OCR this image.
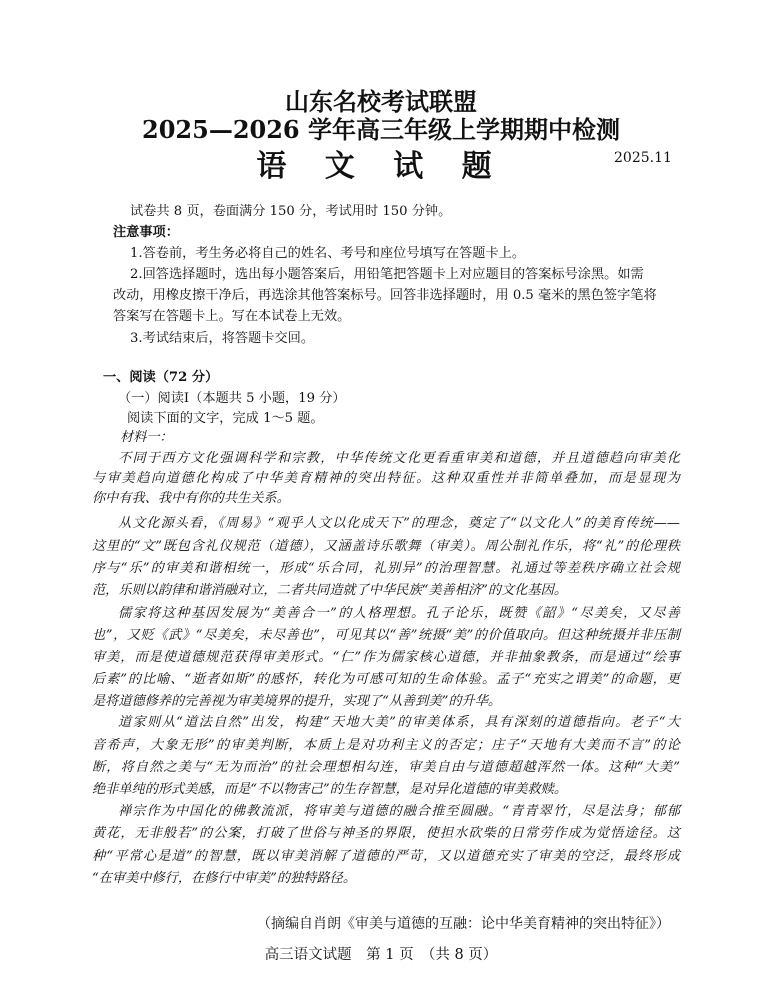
山东名校考试联盟
2025—2026 学年高三年级上学期期中检测
语 文 试 题	2025.11
试卷共 8 页，卷面满分 150 分，考试用时 150 分钟。
注意事项：
1.答卷前，考生务必将自己的姓名、考号和座位号填写在答题卡上。
2.回答选择题时，选出每小题答案后，用铅笔把答题卡上对应题目的答案标号涂黑。如需
改动，用橡皮擦干净后，再选涂其他答案标号。回答非选择题时，用 0.5 毫米的黑色签字笔将
答案写在答题卡上。写在本试卷上无效。
3.考试结束后，将答题卡交回。
一、阅读（72 分）
（一）阅读Ⅰ（本题共 5 小题，19 分）
阅读下面的文字，完成 1～5 题。
材料一：
不同于西方文化强调科学和宗教，中华传统文化更看重审美和道德，并且道德趋向审美化
与审美趋向道德化构成了中华美育精神的突出特征。这种双重性并非简单叠加，而是显现为
你中有我、我中有你的共生关系。
从文化源头看，《周易》“观乎人文以化成天下”的理念，奠定了“以文化人”的美育传统——
这里的“文”既包含礼仪规范（道德），又涵盖诗乐歌舞（审美）。周公制礼作乐，将“礼”的伦理秩
序与“乐”的审美和谐相统一，形成“乐合同，礼别异”的治理智慧。礼通过等差秩序确立社会规
范，乐则以韵律和谐消融对立，二者共同造就了中华民族“美善相济”的文化基因。
儒家将这种基因发展为“美善合一”的人格理想。孔子论乐，既赞《韶》“尽美矣，又尽善
也”，又贬《武》“尽美矣，未尽善也”，可见其以“善”统摄“美”的价值取向。但这种统摄并非压制
审美，而是使道德规范获得审美形式。“仁”作为儒家核心道德，并非抽象教条，而是通过“绘事
后素”的比喻、“逝者如斯”的感怀，转化为可感可知的生命体验。孟子“充实之谓美”的命题，更
是将道德修养的完善视为审美境界的提升，实现了“从善到美”的升华。
道家则从“道法自然”出发，构建“天地大美”的审美体系，具有深刻的道德指向。老子“大
音希声，大象无形”的审美判断，本质上是对功利主义的否定；庄子“天地有大美而不言”的论
断，将自然之美与“无为而治”的社会理想相勾连，审美自由与道德超越浑然一体。这种“大美”
绝非单纯的形式美感，而是“不以物害己”的生存智慧，是对异化道德的审美救赎。
禅宗作为中国化的佛教流派，将审美与道德的融合推至圆融。“青青翠竹，尽是法身；郁郁
黄花，无非般若”的公案，打破了世俗与神圣的界限，使担水砍柴的日常劳作成为觉悟途径。这
种“平常心是道”的智慧，既以审美消解了道德的严苛，又以道德充实了审美的空泛，最终形成
“在审美中修行，在修行中审美”的独特路径。
（摘编自肖朗《审美与道德的互融：论中华美育精神的突出特征》）
高三语文试题　第 1 页　（共 8 页）
